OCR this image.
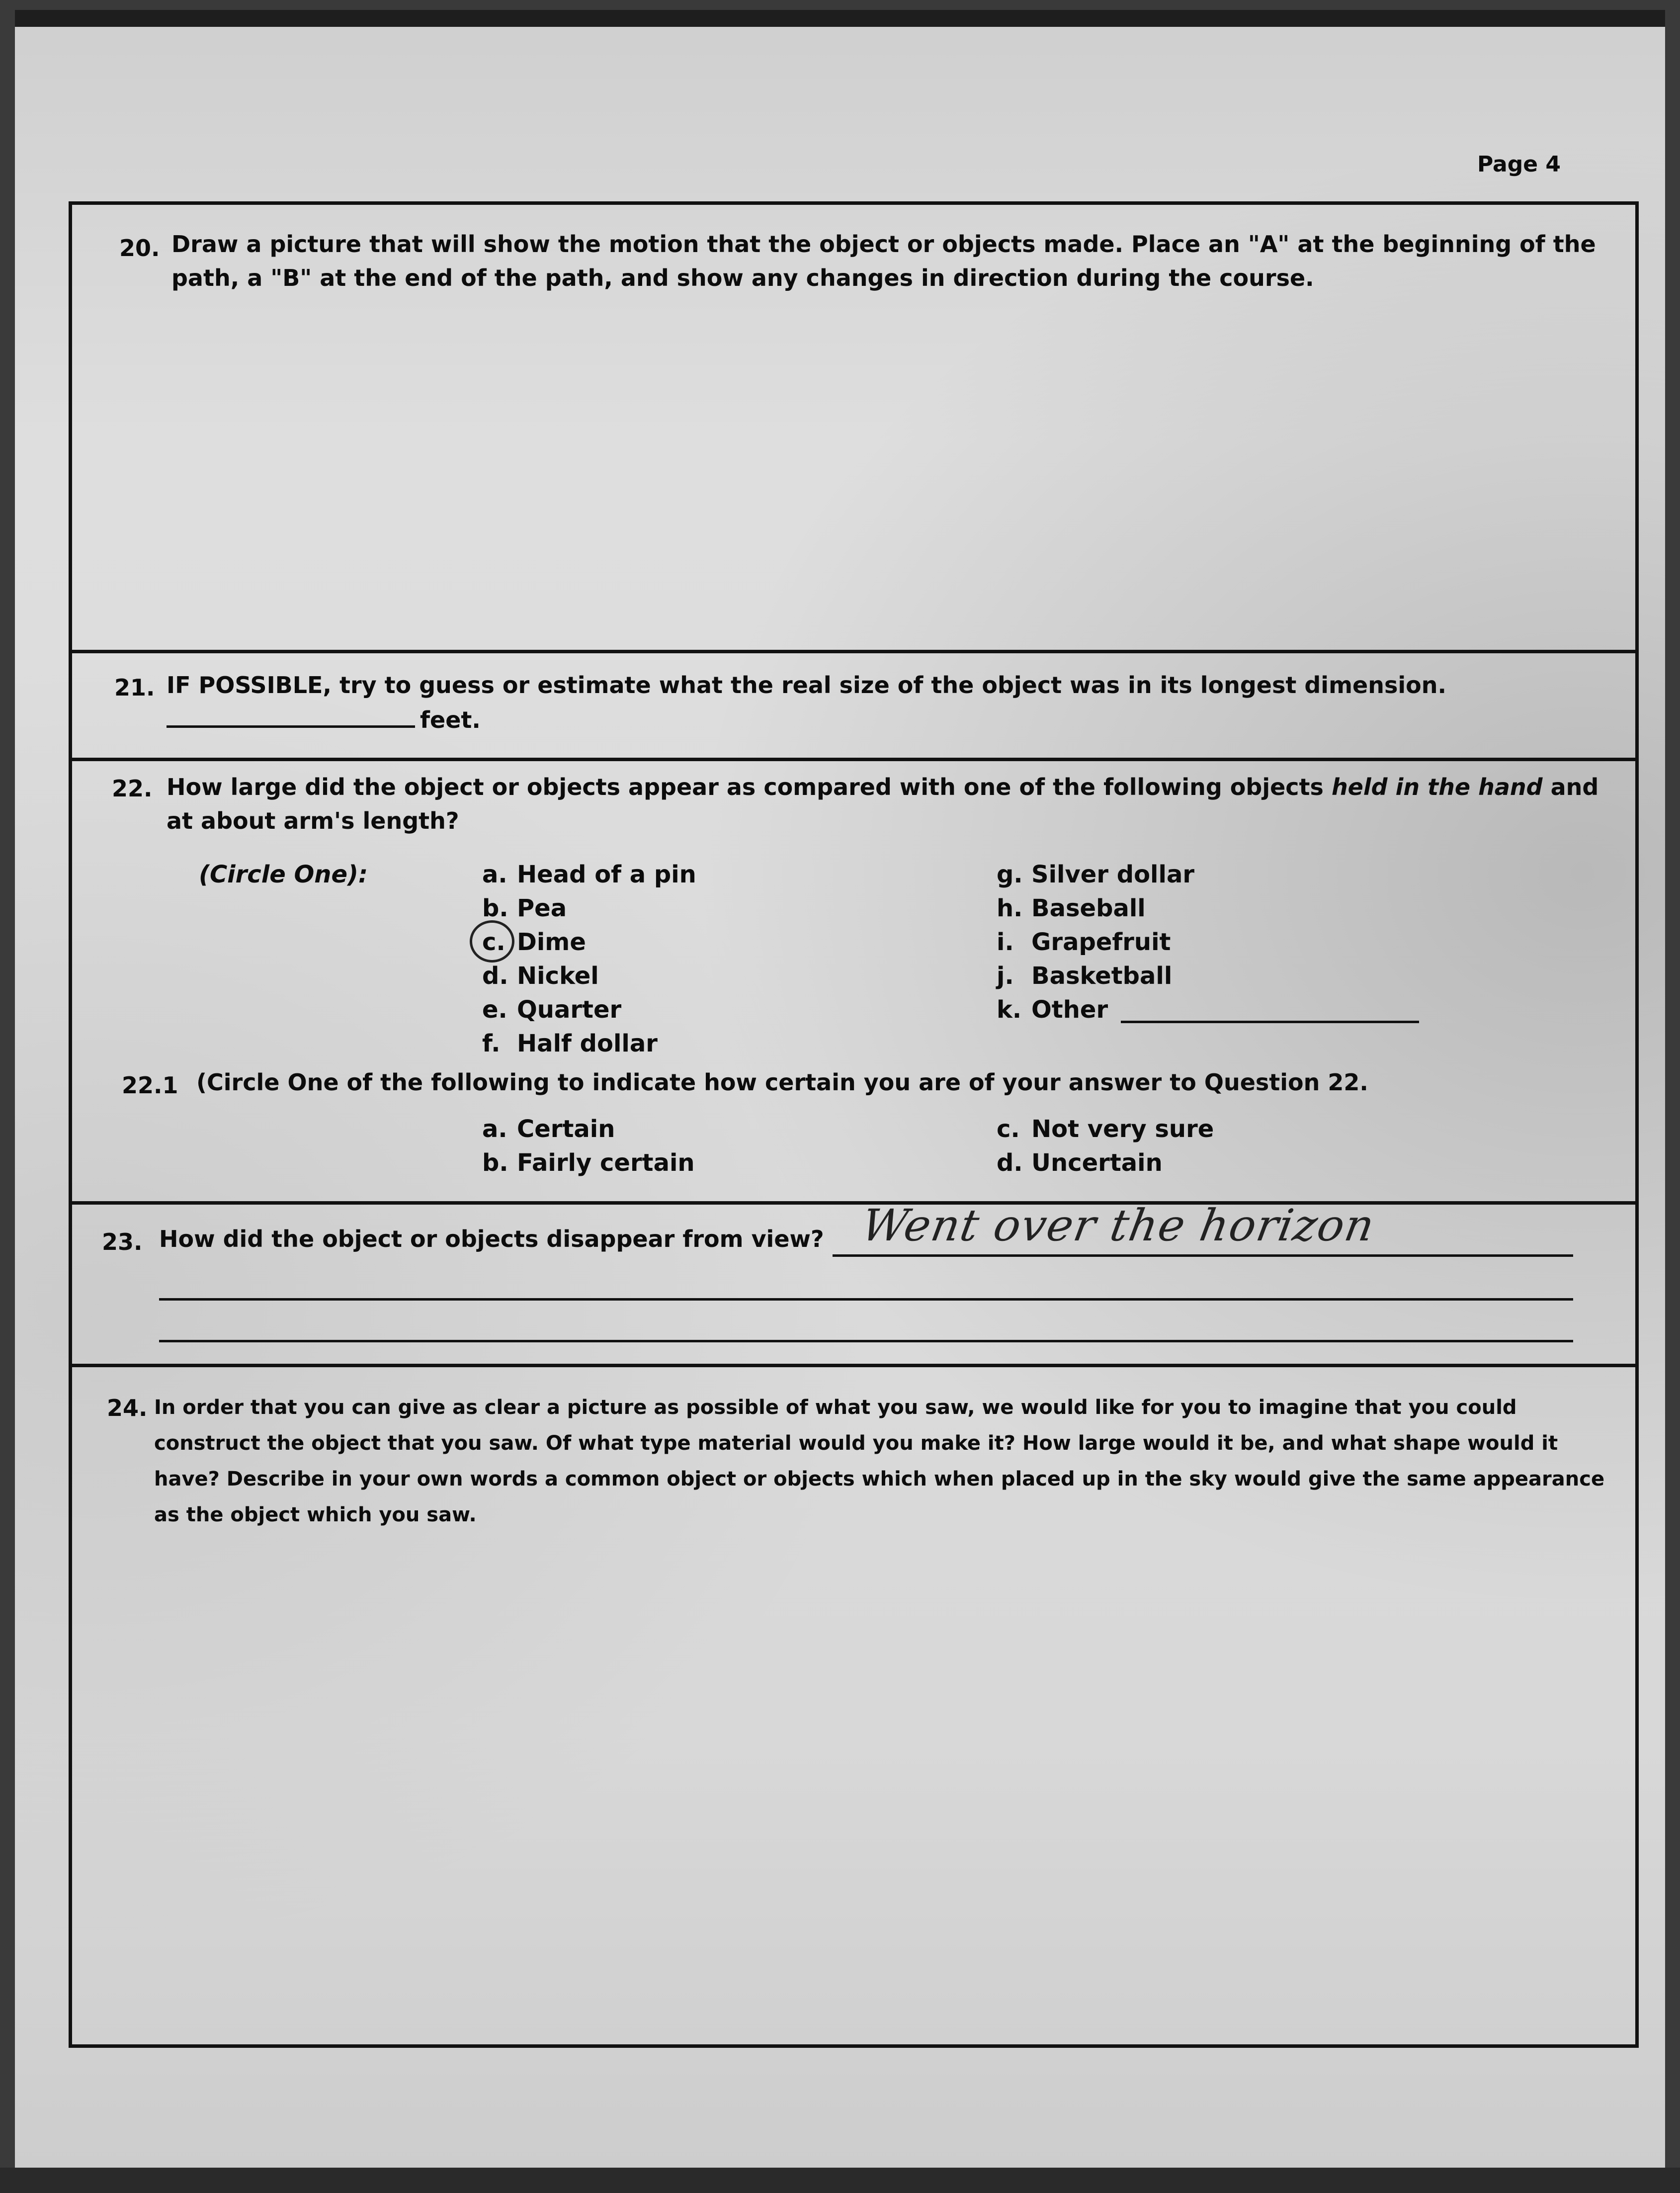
Page 4
20. Draw a picture that will show the motion that the object or objects made. Place an "A" at the beginning of the path, a "B" at the end of the path, and show any changes in direction during the course.
21. IF POSSIBLE, try to guess or estimate what the real size of the object was in its longest dimension.
feet.
22. How large did the object or objects appear as compared with one of the following objects held in the hand and at about arm's length?
(Circle One):	a. Head of a pin
b. Pea
c. Dime
d. Nickel
e. Quarter
f. Half dollar
g. Silver dollar
h. Baseball
i. Grapefruit
j. Basketball
k. Other
22.1 (Circle One of the following to indicate how certain you are of your answer to Question 22.
a. Certain
b. Fairly certain
c. Not very sure
d. Uncertain
23. How did the object or objects disappear from view? Went over the horizon
24. In order that you can give as clear a picture as possible of what you saw, we would like for you to imagine that you could construct the object that you saw. Of what type material would you make it? How large would it be, and what shape would it have? Describe in your own words a common object or objects which when placed up in the sky would give the same appearance as the object which you saw.
